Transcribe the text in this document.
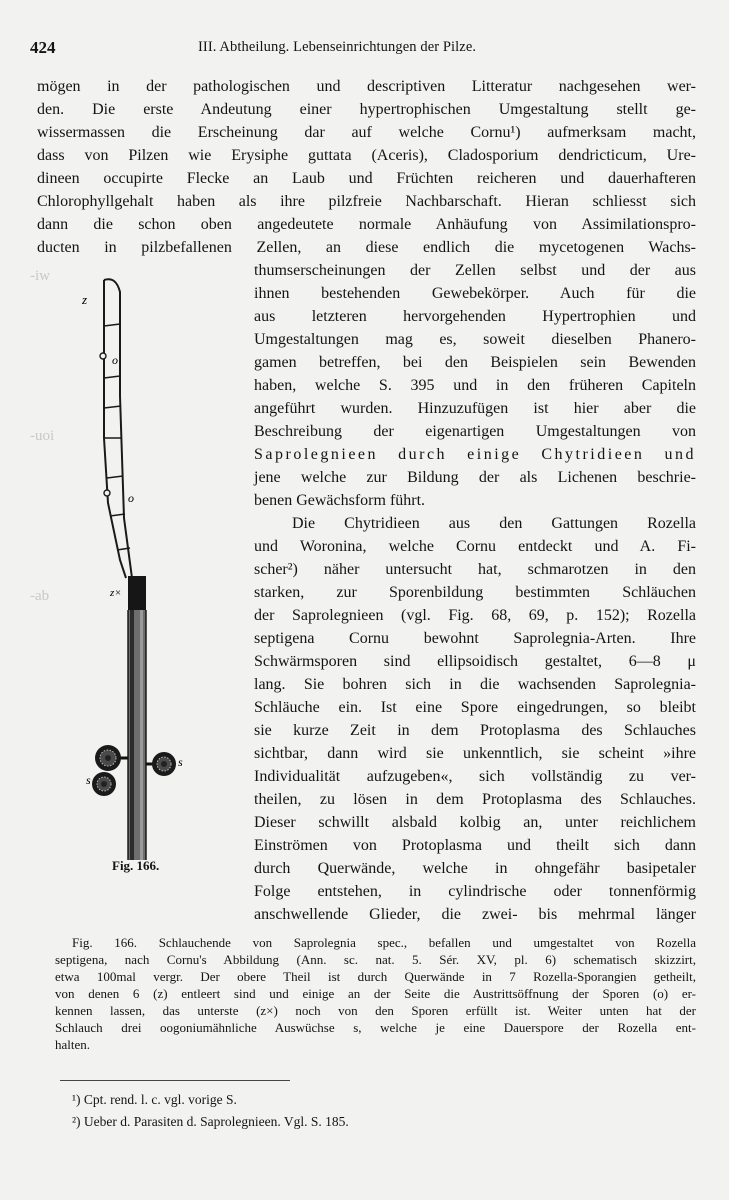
424	III. Abtheilung. Lebenseinrichtungen der Pilze.
-iw
-uoi
-ab
mögen in der pathologischen und descriptiven Litteratur nachgesehen wer-
den. Die erste Andeutung einer hypertrophischen Umgestaltung stellt ge-
wissermassen die Erscheinung dar auf welche Cornu¹) aufmerksam macht,
dass von Pilzen wie Erysiphe guttata (Aceris), Cladosporium dendricticum, Ure-
dineen occupirte Flecke an Laub und Früchten reicheren und dauerhafteren
Chlorophyllgehalt haben als ihre pilzfreie Nachbarschaft. Hieran schliesst sich
dann die schon oben angedeutete normale Anhäufung von Assimilationspro-
ducten in pilzbefallenen Zellen, an diese endlich die mycetogenen Wachs-
thumserscheinungen der Zellen selbst und der aus
ihnen bestehenden Gewebekörper. Auch für die
aus letzteren hervorgehenden Hypertrophien und
Umgestaltungen mag es, soweit dieselben Phanero-
gamen betreffen, bei den Beispielen sein Bewenden
haben, welche S. 395 und in den früheren Capiteln
angeführt wurden. Hinzuzufügen ist hier aber die
Beschreibung der eigenartigen Umgestaltungen von
Saprolegnieen durch einige Chytridieen und
jene welche zur Bildung der als Lichenen beschrie-
benen Gewächsform führt.
Die Chytridieen aus den Gattungen Rozella
und Woronina, welche Cornu entdeckt und A. Fi-
scher²) näher untersucht hat, schmarotzen in den
starken, zur Sporenbildung bestimmten Schläuchen
der Saprolegnieen (vgl. Fig. 68, 69, p. 152); Rozella
septigena Cornu bewohnt Saprolegnia-Arten. Ihre
Schwärmsporen sind ellipsoidisch gestaltet, 6—8 μ
lang. Sie bohren sich in die wachsenden Saprolegnia-
Schläuche ein. Ist eine Spore eingedrungen, so bleibt
sie kurze Zeit in dem Protoplasma des Schlauches
sichtbar, dann wird sie unkenntlich, sie scheint »ihre
Individualität aufzugeben«, sich vollständig zu ver-
theilen, zu lösen in dem Protoplasma des Schlauches.
Dieser schwillt alsbald kolbig an, unter reichlichem
Einströmen von Protoplasma und theilt sich dann
durch Querwände, welche in ohngefähr basipetaler
Folge entstehen, in cylindrische oder tonnenförmig
anschwellende Glieder, die zwei- bis mehrmal länger
z
o
o
z×
s
s
Fig. 166.
Fig. 166. Schlauchende von Saprolegnia spec., befallen und umgestaltet von Rozella
septigena, nach Cornu's Abbildung (Ann. sc. nat. 5. Sér. XV, pl. 6) schematisch skizzirt,
etwa 100mal vergr. Der obere Theil ist durch Querwände in 7 Rozella-Sporangien getheilt,
von denen 6 (z) entleert sind und einige an der Seite die Austrittsöffnung der Sporen (o) er-
kennen lassen, das unterste (z×) noch von den Sporen erfüllt ist. Weiter unten hat der
Schlauch drei oogoniumähnliche Auswüchse s, welche je eine Dauerspore der Rozella ent-
halten.
¹) Cpt. rend. l. c. vgl. vorige S.
²) Ueber d. Parasiten d. Saprolegnieen. Vgl. S. 185.
